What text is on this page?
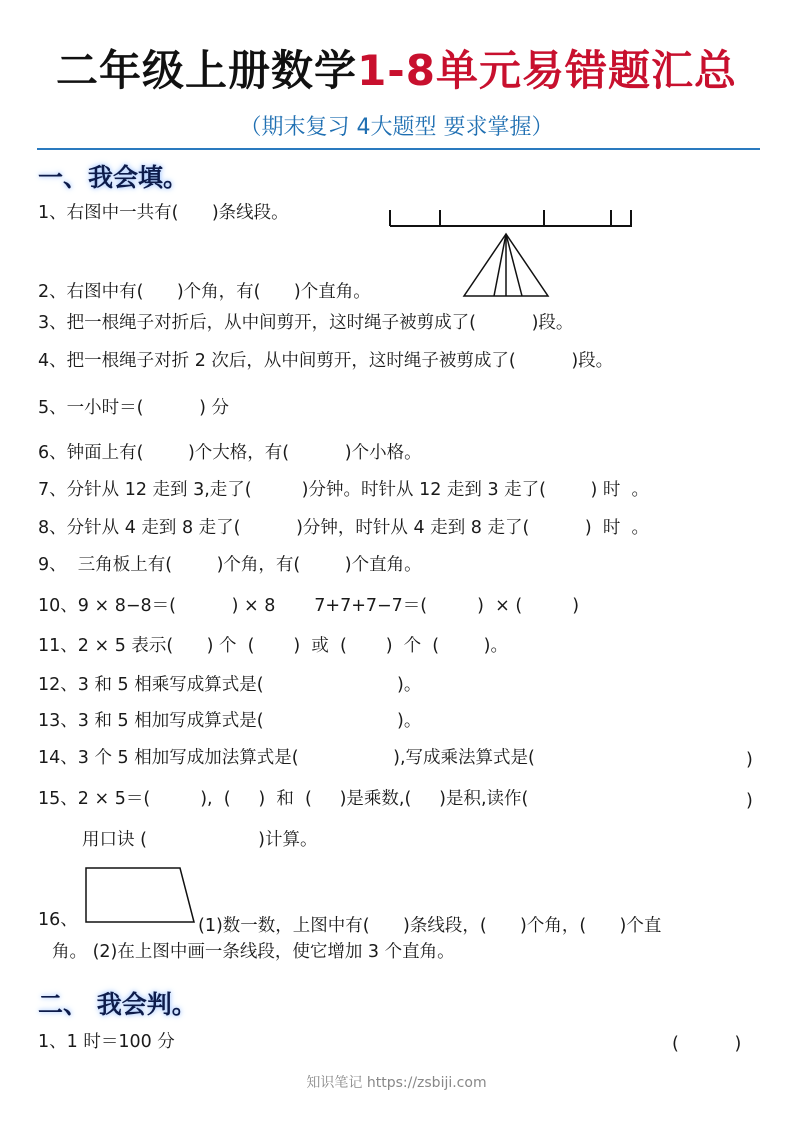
二年级上册数学1-8单元易错题汇总
（期末复习 4大题型 要求掌握）
一、我会填。
1、右图中一共有(      )条线段。
2、右图中有(      )个角，有(      )个直角。
3、把一根绳子对折后，从中间剪开，这时绳子被剪成了(          )段。
4、把一根绳子对折 2 次后，从中间剪开，这时绳子被剪成了(          )段。
5、一小时＝(          ) 分
6、钟面上有(        )个大格，有(          )个小格。
7、分针从 12 走到 3,走了(         )分钟。时针从 12 走到 3 走了(        ) 时  。
8、分针从 4 走到 8 走了(          )分钟，时针从 4 走到 8 走了(          )  时  。
9、  三角板上有(        )个角，有(        )个直角。
10、9 × 8−8＝(          ) × 8       7+7+7−7＝(         )  × (         )
11、2 × 5 表示(      ) 个  (       )  或  (       )  个  (        )。
12、3 和 5 相乘写成算式是(                        )。
13、3 和 5 相加写成算式是(                        )。
14、3 个 5 相加写成加法算式是(                 ),写成乘法算式是(	)
15、2 × 5＝(         ),  (     )  和  (     )是乘数,(     )是积,读作(	)
用口诀 (                    )计算。
16、	(1)数一数，上图中有(      )条线段，(      )个角，(      )个直
角。 (2)在上图中画一条线段，使它增加 3 个直角。
二、 我会判。
1、1 时＝100 分	(          )
知识笔记 https://zsbiji.com
